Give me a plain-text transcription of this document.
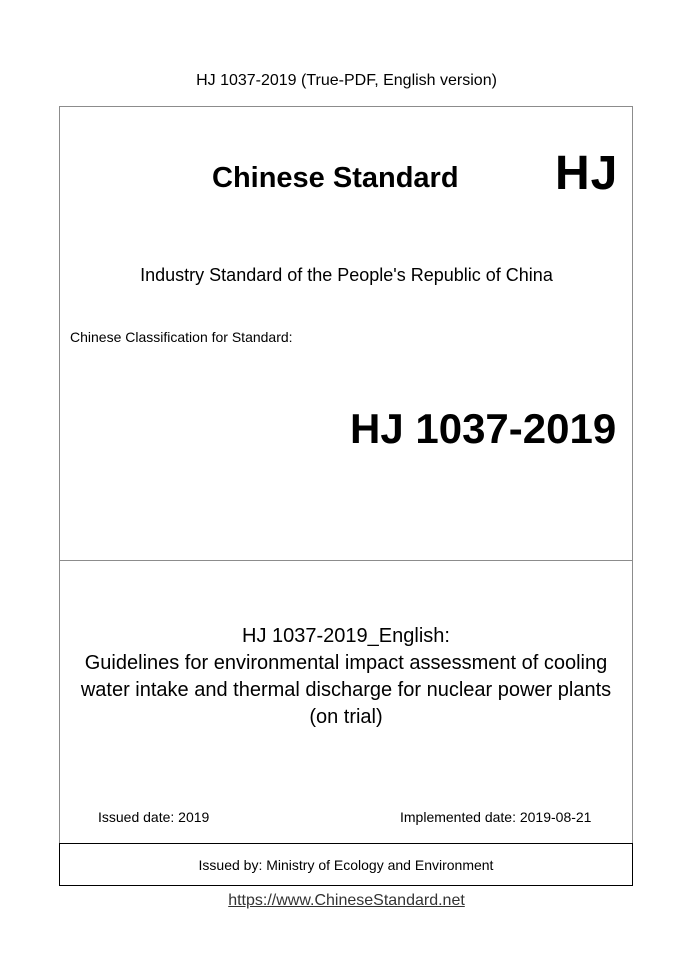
HJ 1037-2019 (True-PDF, English version)
Issued by: Ministry of Ecology and Environment
Chinese Standard HJ
Industry Standard of the People's Republic of China
Chinese Classification for Standard:
HJ 1037-2019
HJ 1037-2019_English:
Guidelines for environmental impact assessment of cooling
water intake and thermal discharge for nuclear power plants
(on trial)
Issued date: 2019	Implemented date: 2019-08-21
https://www.ChineseStandard.net
